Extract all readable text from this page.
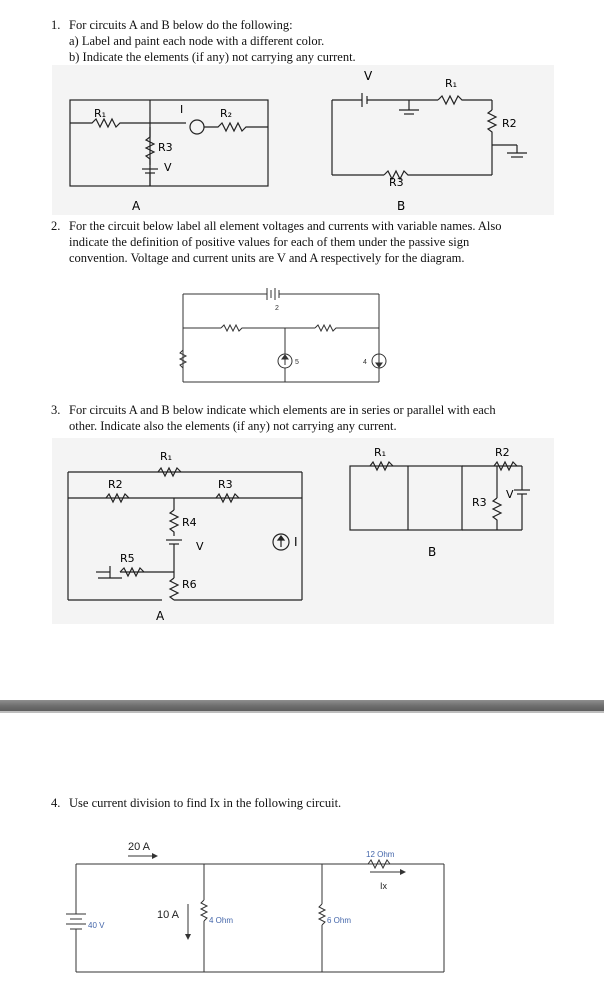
1. For circuits A and B below do the following:
a) Label and paint each node with a different color.
b) Indicate the elements (if any) not carrying any current.
R₁	R₂
I
R3
V
A
V
R₁
R2
R3
B
2. For the circuit below label all element voltages and currents with variable names. Also
indicate the definition of positive values for each of them under the passive sign
convention. Voltage and current units are V and A respectively for the diagram.
2
5	4
3. For circuits A and B below indicate which elements are in series or parallel with each
other. Indicate also the elements (if any) not carrying any current.
R₁
R2	R3
R4
V
R5
R6
I
A
R₁	R2
R3
V
B
4. Use current division to find Ix in the following circuit.
20 A
40 V
10 A	4 Ohm	6 Ohm
12 Ohm
Ix
